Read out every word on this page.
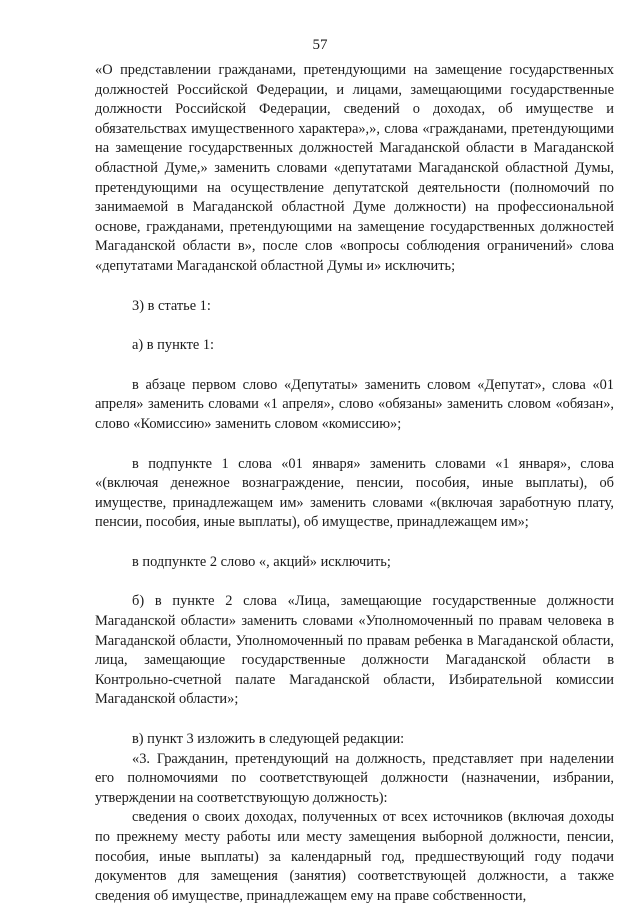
57

«О представлении гражданами, претендующими на замещение государственных должностей Российской Федерации, и лицами, замещающими государственные должности Российской Федерации, сведений о доходах, об имуществе и обязательствах имущественного характера»,», слова «гражданами, претендующими на замещение государственных должностей Магаданской области в Магаданской областной Думе,» заменить словами «депутатами Магаданской областной Думы, претендующими на осуществление депутатской деятельности (полномочий по занимаемой в Магаданской областной Думе должности) на профессиональной основе, гражданами, претендующими на замещение государственных должностей Магаданской области в», после слов «вопросы соблюдения ограничений» слова «депутатами Магаданской областной Думы и» исключить;

3) в статье 1:

а) в пункте 1:

в абзаце первом слово «Депутаты» заменить словом «Депутат», слова «01 апреля» заменить словами «1 апреля», слово «обязаны» заменить словом «обязан», слово «Комиссию» заменить словом «комиссию»;

в подпункте 1 слова «01 января» заменить словами «1 января», слова «(включая денежное вознаграждение, пенсии, пособия, иные выплаты), об имуществе, принадлежащем им» заменить словами «(включая заработную плату, пенсии, пособия, иные выплаты), об имуществе, принадлежащем им»;

в подпункте 2 слово «, акций» исключить;

б) в пункте 2 слова «Лица, замещающие государственные должности Магаданской области» заменить словами «Уполномоченный по правам человека в Магаданской области, Уполномоченный по правам ребенка в Магаданской области, лица, замещающие государственные должности Магаданской области в Контрольно-счетной палате Магаданской области, Избирательной комиссии Магаданской области»;

в) пункт 3 изложить в следующей редакции:

«3. Гражданин, претендующий на должность, представляет при наделении его полномочиями по соответствующей должности (назначении, избрании, утверждении на соответствующую должность):

сведения о своих доходах, полученных от всех источников (включая доходы по прежнему месту работы или месту замещения выборной должности, пенсии, пособия, иные выплаты) за календарный год, предшествующий году подачи документов для замещения (занятия) соответствующей должности, а также сведения об имуществе, принадлежащем ему на праве собственности,
